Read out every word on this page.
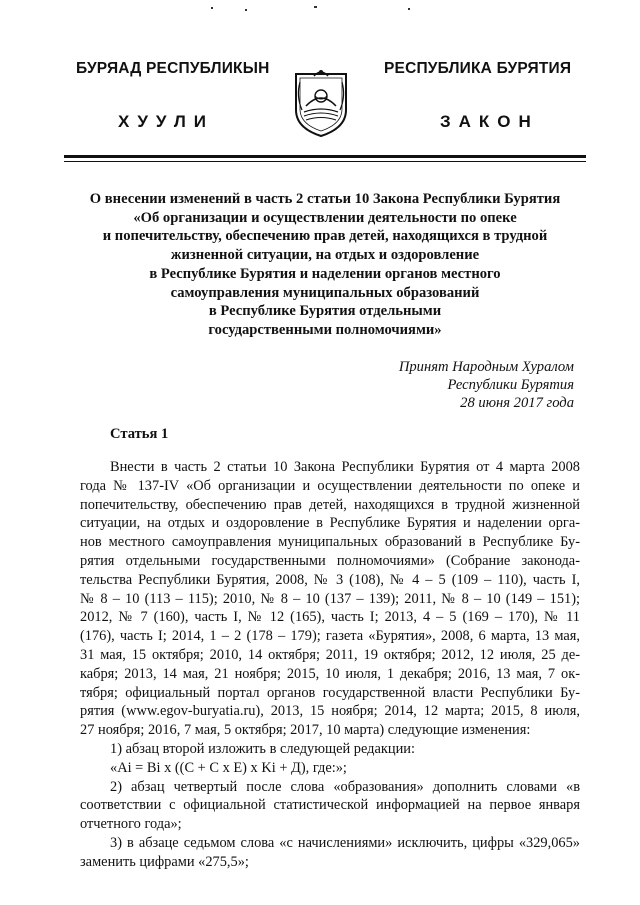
БУРЯАД РЕСПУБЛИКЫН	РЕСПУБЛИКА БУРЯТИЯ
ХУУЛИ	ЗАКОН
О внесении изменений в часть 2 статьи 10 Закона Республики Бурятия
«Об организации и осуществлении деятельности по опеке
и попечительству, обеспечению прав детей, находящихся в трудной
жизненной ситуации, на отдых и оздоровление
в Республике Бурятия и наделении органов местного
самоуправления муниципальных образований
в Республике Бурятия отдельными
государственными полномочиями»
Принят Народным Хуралом
Республики Бурятия
28 июня 2017 года
Статья 1
Внести в часть 2 статьи 10 Закона Республики Бурятия от 4 марта 2008
года № 137-IV «Об организации и осуществлении деятельности по опеке и
попечительству, обеспечению прав детей, находящихся в трудной жизненной
ситуации, на отдых и оздоровление в Республике Бурятия и наделении орга-
нов местного самоуправления муниципальных образований в Республике Бу-
рятия отдельными государственными полномочиями» (Собрание законода-
тельства Республики Бурятия, 2008, № 3 (108), № 4 – 5 (109 – 110), часть I,
№ 8 – 10 (113 – 115); 2010, № 8 – 10 (137 – 139); 2011, № 8 – 10 (149 – 151);
2012, № 7 (160), часть I, № 12 (165), часть I; 2013, 4 – 5 (169 – 170), № 11
(176), часть I; 2014, 1 – 2 (178 – 179); газета «Бурятия», 2008, 6 марта, 13 мая,
31 мая, 15 октября; 2010, 14 октября; 2011, 19 октября; 2012, 12 июля, 25 де-
кабря; 2013, 14 мая, 21 ноября; 2015, 10 июля, 1 декабря; 2016, 13 мая, 7 ок-
тября; официальный портал органов государственной власти Республики Бу-
рятия (www.egov-buryatia.ru), 2013, 15 ноября; 2014, 12 марта; 2015, 8 июля,
27 ноября; 2016, 7 мая, 5 октября; 2017, 10 марта) следующие изменения:
1) абзац второй изложить в следующей редакции:
«Ai = Bi x ((C + C x E) x Ki + Д), где:»;
2) абзац четвертый после слова «образования» дополнить словами «в
соответствии с официальной статистической информацией на первое января
отчетного года»;
3) в абзаце седьмом слова «с начислениями» исключить, цифры «329,065»
заменить цифрами «275,5»;
